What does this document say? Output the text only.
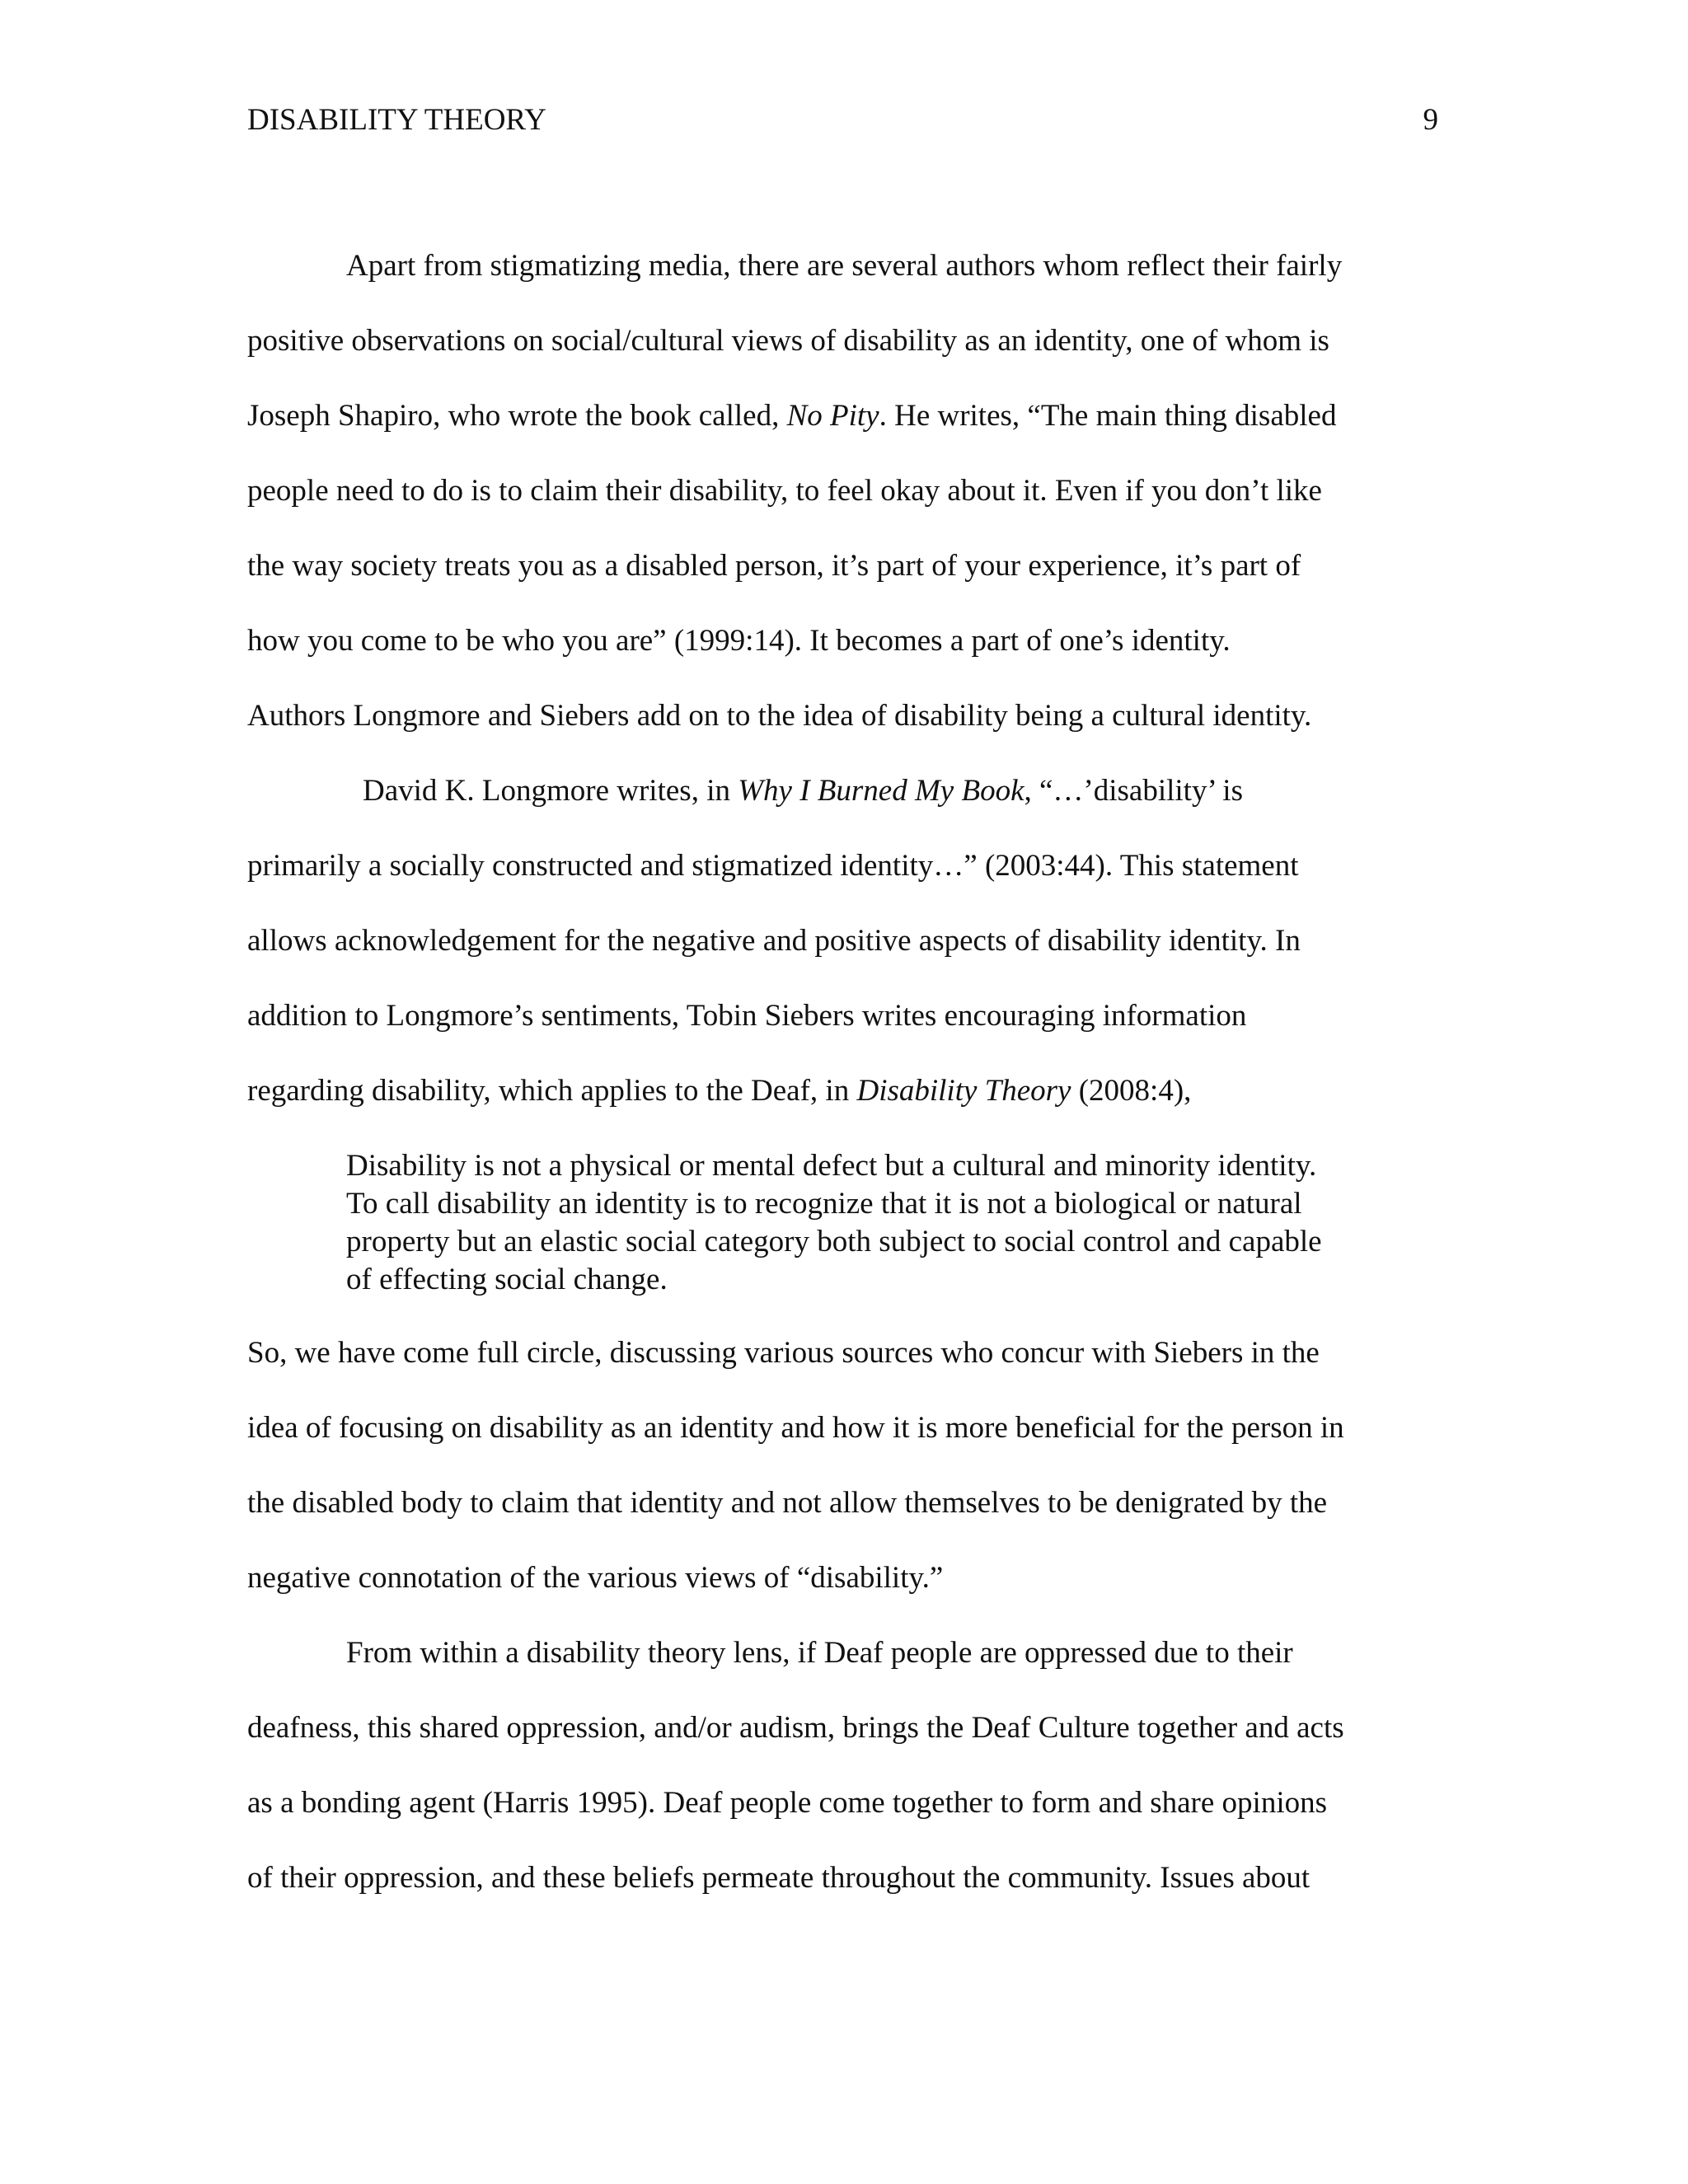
DISABILITY THEORY	9
Apart from stigmatizing media, there are several authors whom reflect their fairly
positive observations on social/cultural views of disability as an identity, one of whom is
Joseph Shapiro, who wrote the book called, No Pity. He writes, “The main thing disabled
people need to do is to claim their disability, to feel okay about it. Even if you don’t like
the way society treats you as a disabled person, it’s part of your experience, it’s part of
how you come to be who you are” (1999:14). It becomes a part of one’s identity.
Authors Longmore and Siebers add on to the idea of disability being a cultural identity.
David K. Longmore writes, in Why I Burned My Book, “…’disability’ is
primarily a socially constructed and stigmatized identity…” (2003:44). This statement
allows acknowledgement for the negative and positive aspects of disability identity. In
addition to Longmore’s sentiments, Tobin Siebers writes encouraging information
regarding disability, which applies to the Deaf, in Disability Theory (2008:4),
Disability is not a physical or mental defect but a cultural and minority identity.
To call disability an identity is to recognize that it is not a biological or natural
property but an elastic social category both subject to social control and capable
of effecting social change.
So, we have come full circle, discussing various sources who concur with Siebers in the
idea of focusing on disability as an identity and how it is more beneficial for the person in
the disabled body to claim that identity and not allow themselves to be denigrated by the
negative connotation of the various views of “disability.”
From within a disability theory lens, if Deaf people are oppressed due to their
deafness, this shared oppression, and/or audism, brings the Deaf Culture together and acts
as a bonding agent (Harris 1995). Deaf people come together to form and share opinions
of their oppression, and these beliefs permeate throughout the community. Issues about
